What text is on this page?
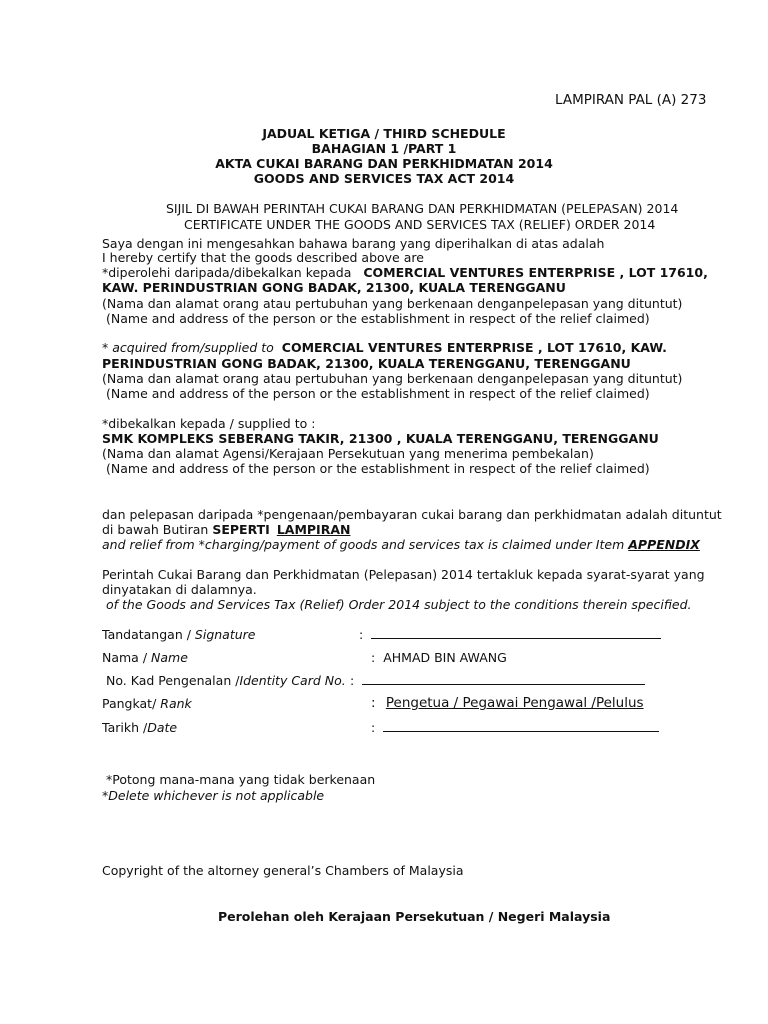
LAMPIRAN PAL (A) 273
JADUAL KETIGA / THIRD SCHEDULE
BAHAGIAN 1 /PART 1
AKTA CUKAI BARANG DAN PERKHIDMATAN 2014
GOODS AND SERVICES TAX ACT 2014
SIJIL DI BAWAH PERINTAH CUKAI BARANG DAN PERKHIDMATAN (PELEPASAN) 2014
CERTIFICATE UNDER THE GOODS AND SERVICES TAX (RELIEF) ORDER 2014
Saya dengan ini mengesahkan bahawa barang yang diperihalkan di atas adalah
I hereby certify that the goods described above are
*diperolehi daripada/dibekalkan kepada COMERCIAL VENTURES ENTERPRISE , LOT 17610,
KAW. PERINDUSTRIAN GONG BADAK, 21300, KUALA TERENGGANU
(Nama dan alamat orang atau pertubuhan yang berkenaan denganpelepasan yang dituntut)
(Name and address of the person or the establishment in respect of the relief claimed)
* acquired from/supplied to COMERCIAL VENTURES ENTERPRISE , LOT 17610, KAW.
PERINDUSTRIAN GONG BADAK, 21300, KUALA TERENGGANU, TERENGGANU
(Nama dan alamat orang atau pertubuhan yang berkenaan denganpelepasan yang dituntut)
(Name and address of the person or the establishment in respect of the relief claimed)
*dibekalkan kepada / supplied to :
SMK KOMPLEKS SEBERANG TAKIR, 21300 , KUALA TERENGGANU, TERENGGANU
(Nama dan alamat Agensi/Kerajaan Persekutuan yang menerima pembekalan)
(Name and address of the person or the establishment in respect of the relief claimed)
dan pelepasan daripada *pengenaan/pembayaran cukai barang dan perkhidmatan adalah dituntut
di bawah Butiran SEPERTI LAMPIRAN
and relief from *charging/payment of goods and services tax is claimed under Item APPENDIX
Perintah Cukai Barang dan Perkhidmatan (Pelepasan) 2014 tertakluk kepada syarat-syarat yang
dinyatakan di dalamnya.
of the Goods and Services Tax (Relief) Order 2014 subject to the conditions therein specified.
Tandatangan / Signature	:
Nama / Name	: AHMAD BIN AWANG
No. Kad Pengenalan /Identity Card No. :
Pangkat/ Rank	: Pengetua / Pegawai Pengawal /Pelulus
Tarikh /Date	:
*Potong mana-mana yang tidak berkenaan
*Delete whichever is not applicable
Copyright of the altorney general’s Chambers of Malaysia
Perolehan oleh Kerajaan Persekutuan / Negeri Malaysia
